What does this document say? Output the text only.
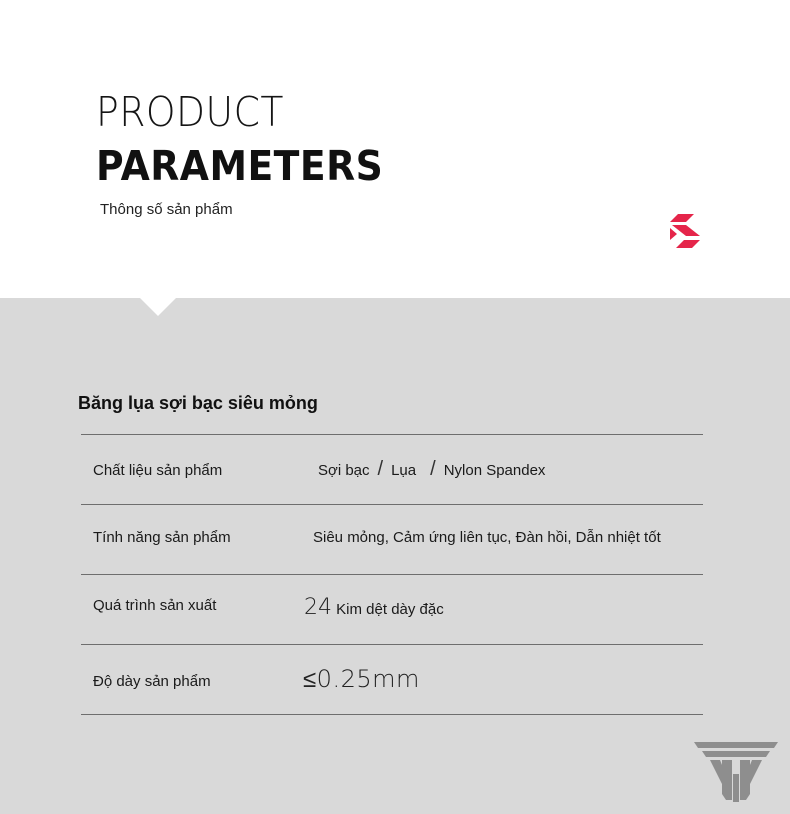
PRODUCT
PARAMETERS
Thông số sản phẩm
Băng lụa sợi bạc siêu mỏng
Chất liệu sản phẩm	Sợi bạc / Lụa / Nylon Spandex
Tính năng sản phẩm	Siêu mỏng, Cảm ứng liên tục, Đàn hồi, Dẫn nhiệt tốt
Quá trình sản xuất	24 Kim dệt dày đặc
Độ dày sản phẩm	≤0.25mm
